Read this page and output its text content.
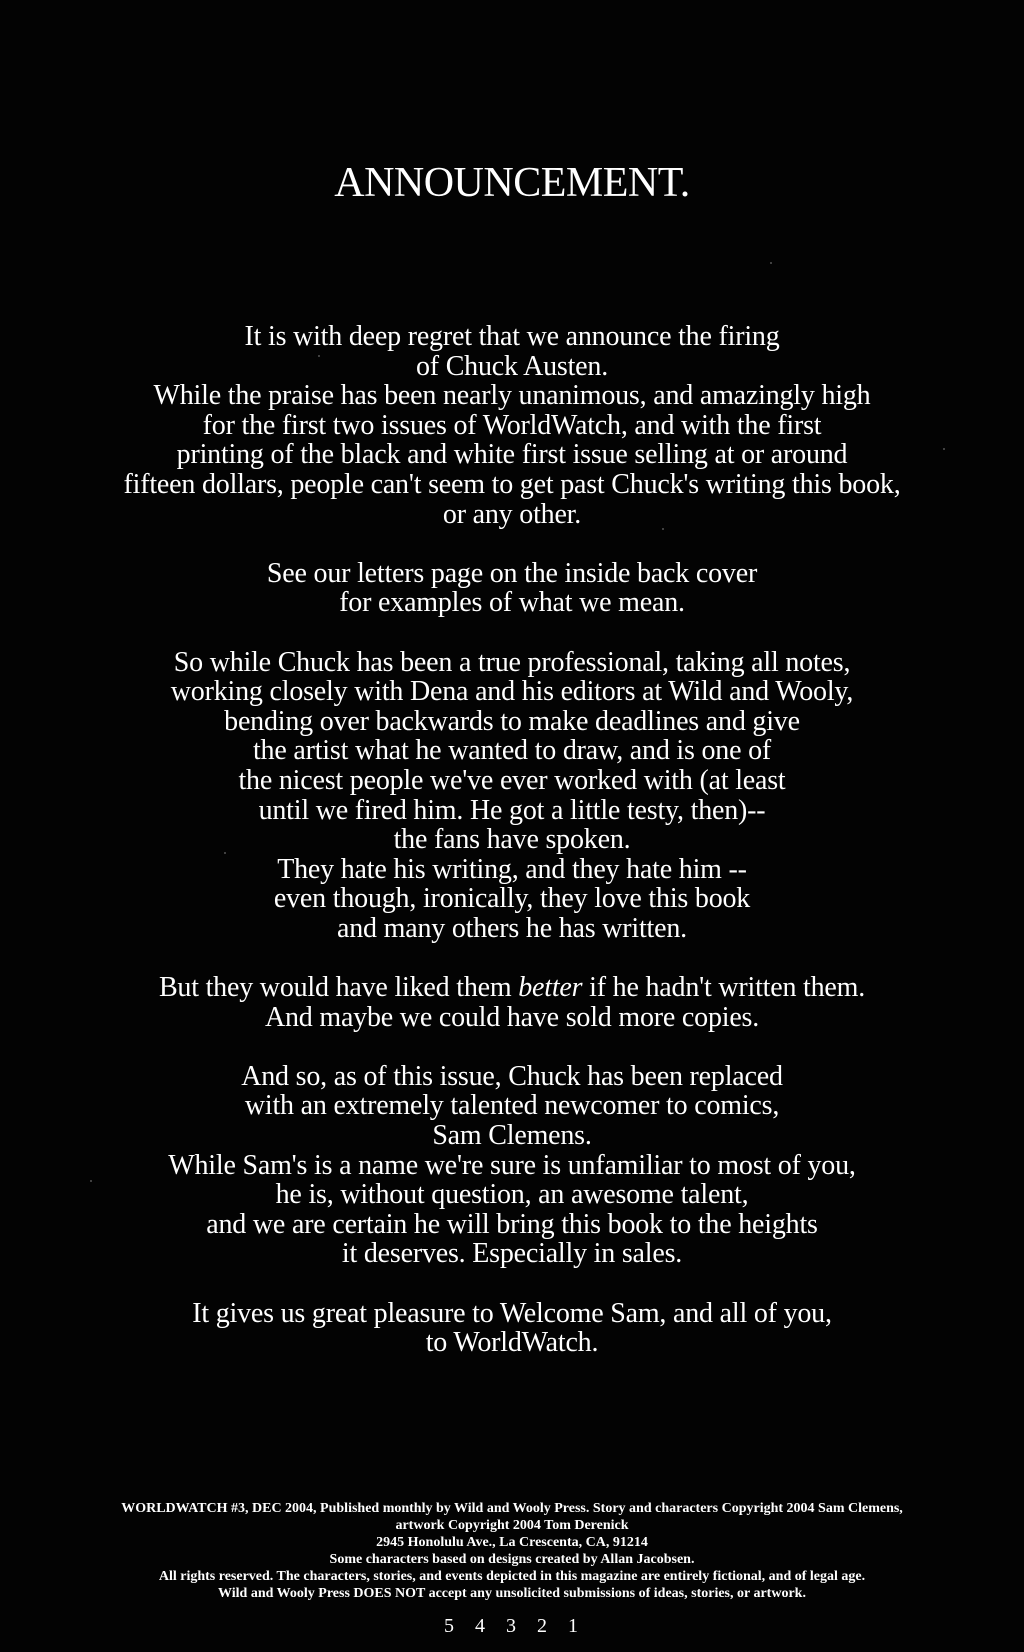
ANNOUNCEMENT.

It is with deep regret that we announce the firing
of Chuck Austen.
While the praise has been nearly unanimous, and amazingly high
for the first two issues of WorldWatch, and with the first
printing of the black and white first issue selling at or around
fifteen dollars, people can't seem to get past Chuck's writing this book,
or any other.

See our letters page on the inside back cover
for examples of what we mean.

So while Chuck has been a true professional, taking all notes,
working closely with Dena and his editors at Wild and Wooly,
bending over backwards to make deadlines and give
the artist what he wanted to draw, and is one of
the nicest people we've ever worked with (at least
until we fired him. He got a little testy, then)--
the fans have spoken.
They hate his writing, and they hate him --
even though, ironically, they love this book
and many others he has written.

But they would have liked them better if he hadn't written them.
And maybe we could have sold more copies.

And so, as of this issue, Chuck has been replaced
with an extremely talented newcomer to comics,
Sam Clemens.
While Sam's is a name we're sure is unfamiliar to most of you,
he is, without question, an awesome talent,
and we are certain he will bring this book to the heights
it deserves. Especially in sales.

It gives us great pleasure to Welcome Sam, and all of you,
to WorldWatch.

WORLDWATCH #3, DEC 2004, Published monthly by Wild and Wooly Press. Story and characters Copyright 2004 Sam Clemens,
artwork Copyright 2004 Tom Derenick
2945 Honolulu Ave., La Crescenta, CA, 91214
Some characters based on designs created by Allan Jacobsen.
All rights reserved. The characters, stories, and events depicted in this magazine are entirely fictional, and of legal age.
Wild and Wooly Press DOES NOT accept any unsolicited submissions of ideas, stories, or artwork.
5 4 3 2 1
